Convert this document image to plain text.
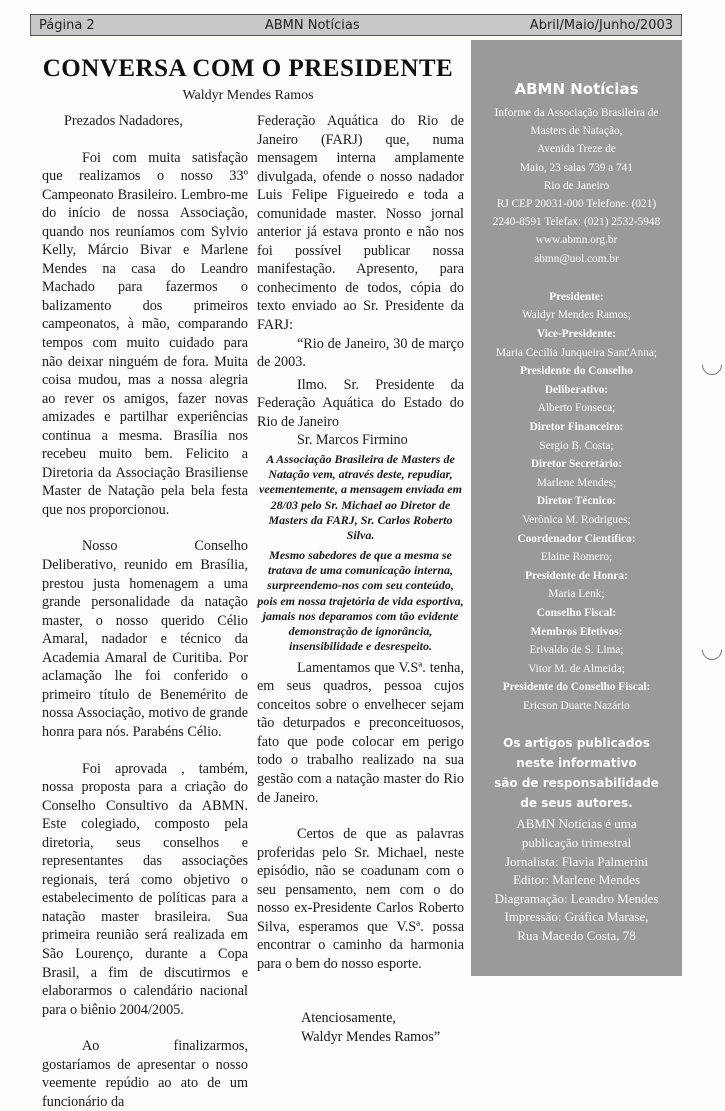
Página 2	ABMN Notícias	Abril/Maio/Junho/2003
CONVERSA COM O PRESIDENTE
Waldyr Mendes Ramos

Prezados Nadadores,

Foi com muita satisfação que realizamos o nosso 33º Campeonato Brasileiro. Lembro-me do início de nossa Associação, quando nos reuníamos com Sylvio Kelly, Márcio Bivar e Marlene Mendes na casa do Leandro Machado para fazermos o balizamento dos primeiros campeonatos, à mão, comparando tempos com muito cuidado para não deixar ninguém de fora. Muita coisa mudou, mas a nossa alegria ao rever os amigos, fazer novas amizades e partilhar experiências continua a mesma. Brasília nos recebeu muito bem. Felicito a Diretoria da Associação Brasiliense Master de Natação pela bela festa que nos proporcionou.

Nosso Conselho Deliberativo, reunido em Brasília, prestou justa homenagem a uma grande personalidade da natação master, o nosso querido Célio Amaral, nadador e técnico da Academia Amaral de Curitiba. Por aclamação lhe foi conferido o primeiro título de Benemérito de nossa Associação, motivo de grande honra para nós. Parabéns Célio.

Foi aprovada , também, nossa proposta para a criação do Conselho Consultivo da ABMN. Este colegiado, composto pela diretoria, seus conselhos e representantes das associações regionais, terá como objetivo o estabelecimento de políticas para a natação master brasileira. Sua primeira reunião será realizada em São Lourenço, durante a Copa Brasil, a fim de discutirmos e elaborarmos o calendário nacional para o biênio 2004/2005.

Ao finalizarmos, gostaríamos de apresentar o nosso veemente repúdio ao ato de um funcionário da

Federação Aquática do Rio de Janeiro (FARJ) que, numa mensagem interna amplamente divulgada, ofende o nosso nadador Luis Felipe Figueiredo e toda a comunidade master. Nosso jornal anterior já estava pronto e não nos foi possível publicar nossa manifestação. Apresento, para conhecimento de todos, cópia do texto enviado ao Sr. Presidente da FARJ:

“Rio de Janeiro, 30 de março de 2003.

Ilmo. Sr. Presidente da Federação Aquática do Estado do Rio de Janeiro

Sr. Marcos Firmino

A Associação Brasileira de Masters de Natação vem, através deste, repudiar, veementemente, a mensagem enviada em 28/03 pelo Sr. Michael ao Diretor de Masters da FARJ, Sr. Carlos Roberto Silva.

Mesmo sabedores de que a mesma se tratava de uma comunicação interna, surpreendemo-nos com seu conteúdo, pois em nossa trajetória de vida esportiva, jamais nos deparamos com tão evidente demonstração de ignorância, insensibilidade e desrespeito.

Lamentamos que V.Sª. tenha, em seus quadros, pessoa cujos conceitos sobre o envelhecer sejam tão deturpados e preconceituosos, fato que pode colocar em perigo todo o trabalho realizado na sua gestão com a natação master do Rio de Janeiro.

Certos de que as palavras proferidas pelo Sr. Michael, neste episódio, não se coadunam com o seu pensamento, nem com o do nosso ex-Presidente Carlos Roberto Silva, esperamos que V.Sª. possa encontrar o caminho da harmonia para o bem do nosso esporte.

Atenciosamente,

Waldyr Mendes Ramos”

ABMN Notícias
Informe da Associação Brasileira de
Masters de Natação,
Avenida Treze de
Maio, 23 salas 739 a 741
Rio de Janeiro
RJ CEP 20031-000 Telefone: (021)
2240-8591 Telefax: (021) 2532-5948
www.abmn.org.br
abmn@uol.com.br
Presidente:
Waldyr Mendes Ramos;
Vice-Presidente:
Maria Cecília Junqueira Sant'Anna;
Presidente do Conselho Deliberativo:
Alberto Fonseca;
Diretor Financeiro:
Sergio B. Costa;
Diretor Secretário:
Marlene Mendes;
Diretor Técnico:
Verônica M. Rodrigues;
Coordenador Científico:
Elaine Romero;
Presidente de Honra:
Maria Lenk;
Conselho Fiscal:
Membros Efetivos:
Erivaldo de S. Lima;
Vitor M. de Almeida;
Presidente do Conselho Fiscal:
Ericson Duarte Nazário
Os artigos publicados
neste informativo
são de responsabilidade
de seus autores.
ABMN Notícias é uma
publicação trimestral
Jornalista: Flavia Palmerini
Editor: Marlene Mendes
Diagramação: Leandro Mendes
Impressão: Gráfica Marase,
Rua Macedo Costa, 78
